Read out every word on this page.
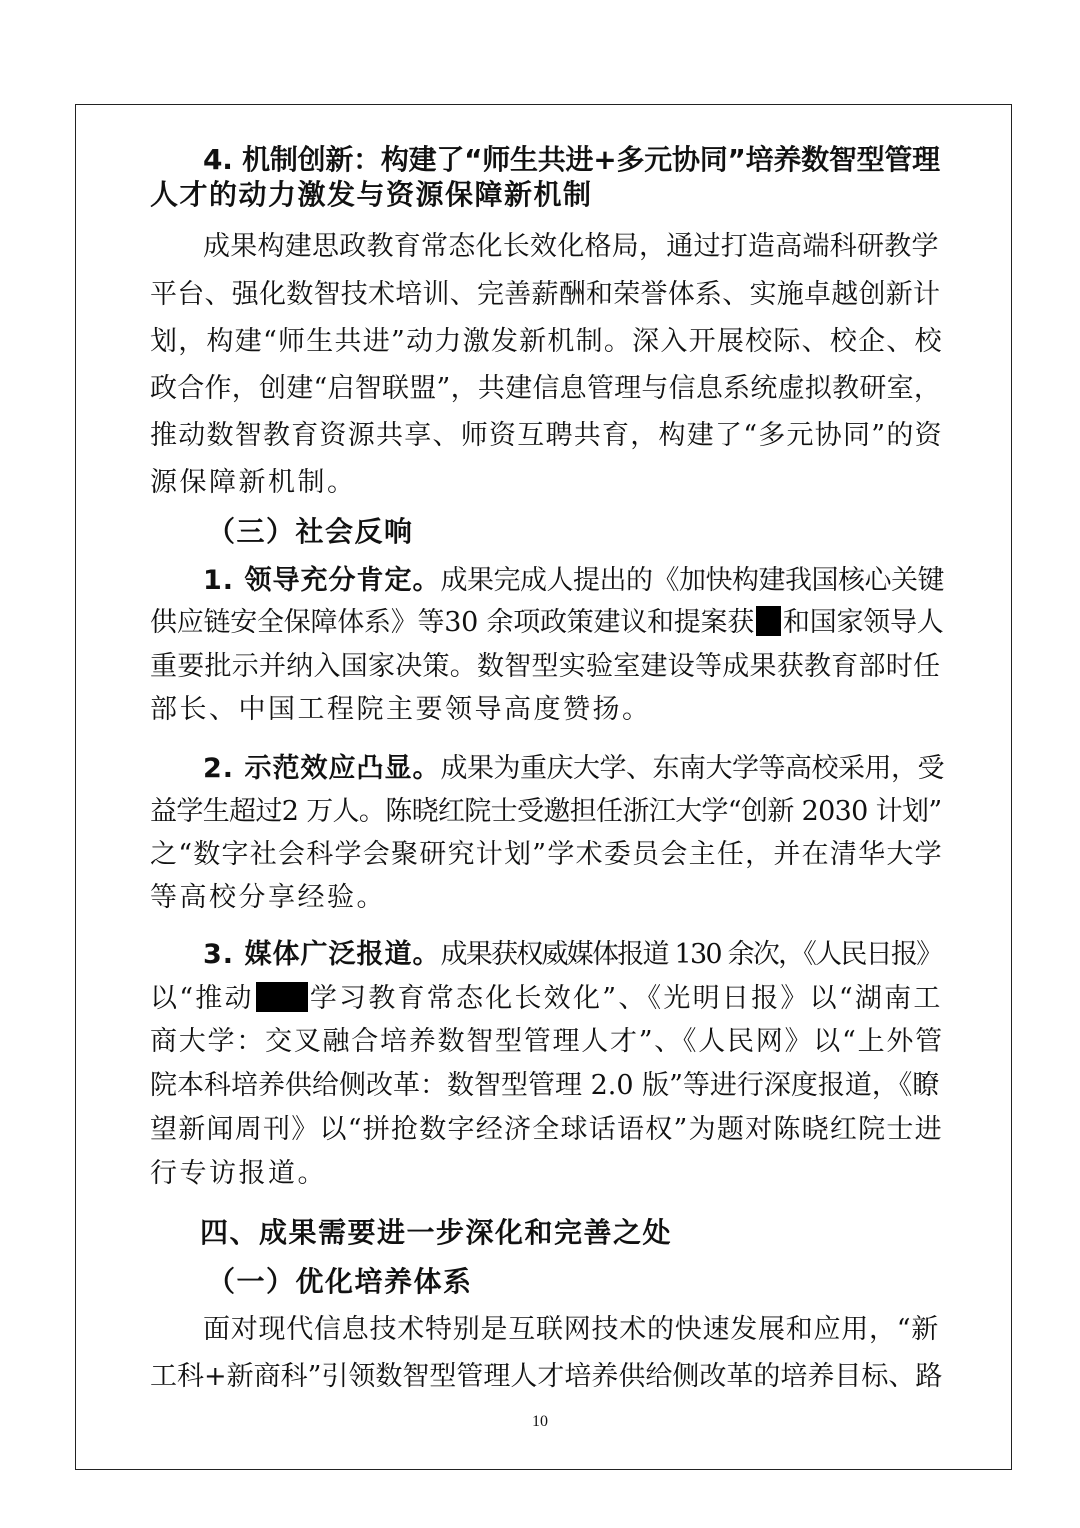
4. 机制创新：构建了“师生共进+多元协同”培养数智型管理
人才的动力激发与资源保障新机制
成果构建思政教育常态化长效化格局，通过打造高端科研教学
平台、强化数智技术培训、完善薪酬和荣誉体系、实施卓越创新计
划，构建“师生共进”动力激发新机制。深入开展校际、校企、校
政合作，创建“启智联盟”，共建信息管理与信息系统虚拟教研室，
推动数智教育资源共享、师资互聘共育，构建了“多元协同”的资
源保障新机制。
（三）社会反响
1. 领导充分肯定。成果完成人提出的《加快构建我国核心关键
供应链安全保障体系》等30 余项政策建议和提案获 和国家领导人
重要批示并纳入国家决策。数智型实验室建设等成果获教育部时任
部长、中国工程院主要领导高度赞扬。
2. 示范效应凸显。成果为重庆大学、东南大学等高校采用，受
益学生超过2 万人。陈晓红院士受邀担任浙江大学“创新 2030 计划”
之“数字社会科学会聚研究计划”学术委员会主任，并在清华大学
等高校分享经验。
3. 媒体广泛报道。成果获权威媒体报道 130 余次，《人民日报》
以“推动 学习教育常态化长效化”、《光明日报》以“湖南工
商大学：交叉融合培养数智型管理人才”、《人民网》以“上外管
院本科培养供给侧改革：数智型管理 2.0 版”等进行深度报道，《瞭
望新闻周刊》以“拼抢数字经济全球话语权”为题对陈晓红院士进
行专访报道。
四、成果需要进一步深化和完善之处
（一）优化培养体系
面对现代信息技术特别是互联网技术的快速发展和应用，“新
工科+新商科”引领数智型管理人才培养供给侧改革的培养目标、路
10
